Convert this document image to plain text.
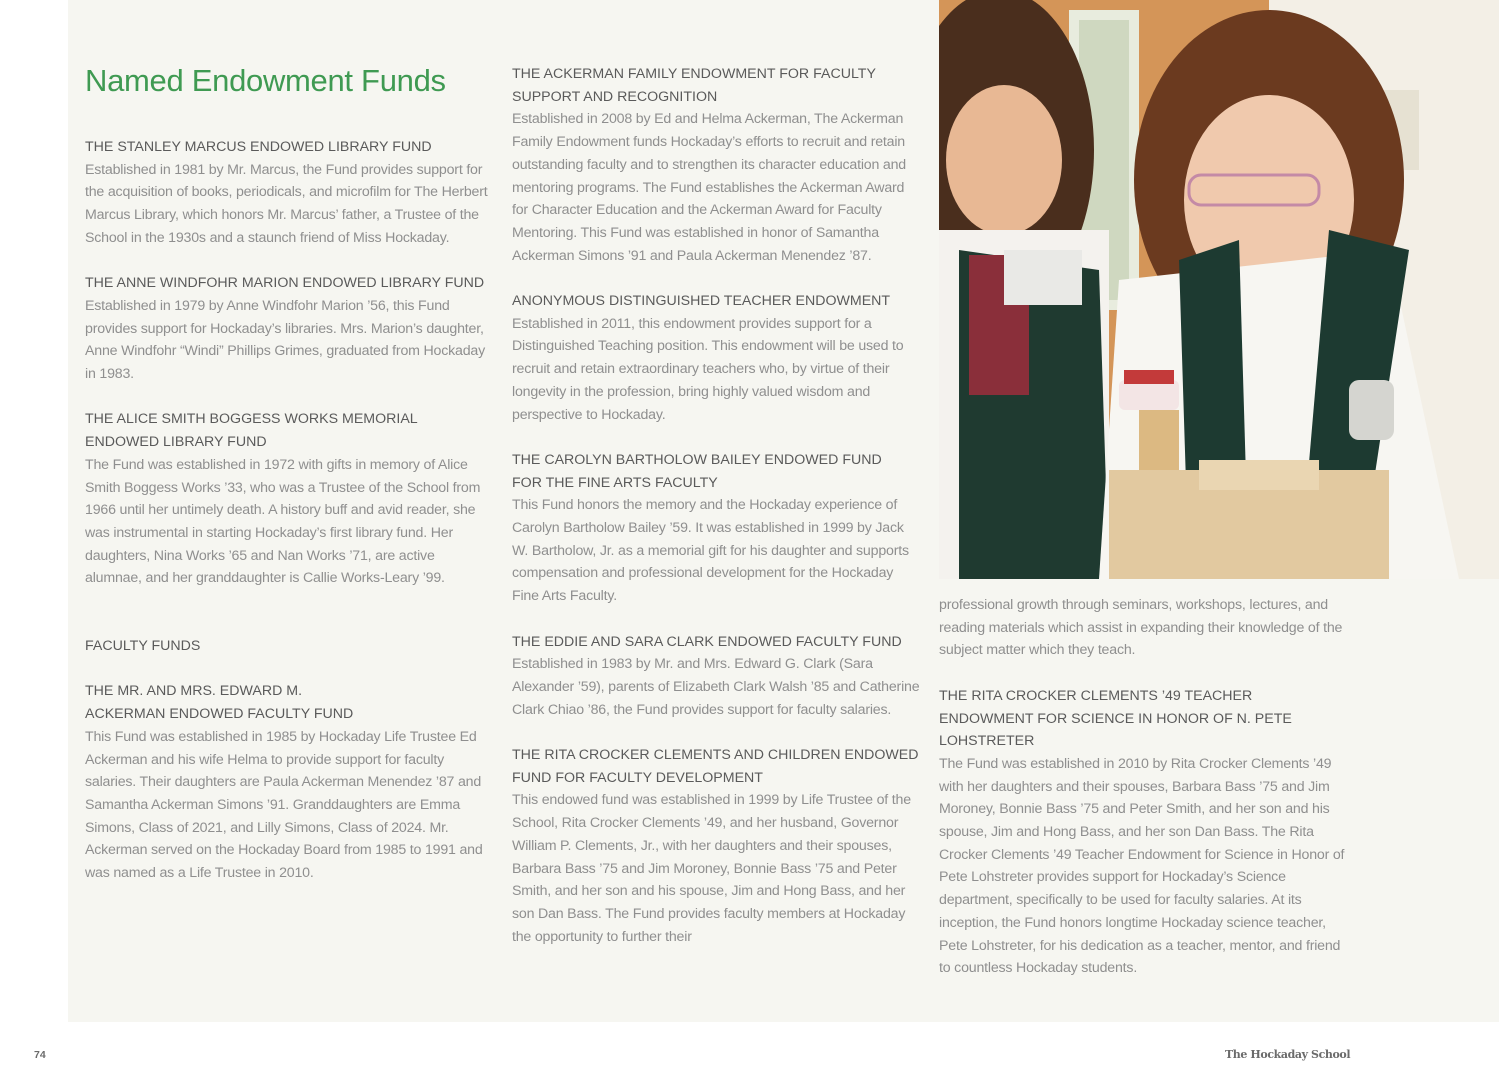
Named Endowment Funds
THE STANLEY MARCUS ENDOWED LIBRARY FUND
Established in 1981 by Mr. Marcus, the Fund provides support for the acquisition of books, periodicals, and microfilm for The Herbert Marcus Library, which honors Mr. Marcus’ father, a Trustee of the School in the 1930s and a staunch friend of Miss Hockaday.
THE ANNE WINDFOHR MARION ENDOWED LIBRARY FUND
Established in 1979 by Anne Windfohr Marion ’56, this Fund provides support for Hockaday’s libraries. Mrs. Marion’s daughter, Anne Windfohr “Windi” Phillips Grimes, graduated from Hockaday in 1983.
THE ALICE SMITH BOGGESS WORKS MEMORIAL ENDOWED LIBRARY FUND
The Fund was established in 1972 with gifts in memory of Alice Smith Boggess Works ’33, who was a Trustee of the School from 1966 until her untimely death. A history buff and avid reader, she was instrumental in starting Hockaday’s first library fund. Her daughters, Nina Works ’65 and Nan Works ’71, are active alumnae, and her granddaughter is Callie Works-Leary ’99.
FACULTY FUNDS
THE MR. AND MRS. EDWARD M. ACKERMAN ENDOWED FACULTY FUND
This Fund was established in 1985 by Hockaday Life Trustee Ed Ackerman and his wife Helma to provide support for faculty salaries. Their daughters are Paula Ackerman Menendez ’87 and Samantha Ackerman Simons ’91. Granddaughters are Emma Simons, Class of 2021, and Lilly Simons, Class of 2024. Mr. Ackerman served on the Hockaday Board from 1985 to 1991 and was named as a Life Trustee in 2010.
THE ACKERMAN FAMILY ENDOWMENT FOR FACULTY SUPPORT AND RECOGNITION
Established in 2008 by Ed and Helma Ackerman, The Ackerman Family Endowment funds Hockaday’s efforts to recruit and retain outstanding faculty and to strengthen its character education and mentoring programs. The Fund establishes the Ackerman Award for Character Education and the Ackerman Award for Faculty Mentoring. This Fund was established in honor of Samantha Ackerman Simons ’91 and Paula Ackerman Menendez ’87.
ANONYMOUS DISTINGUISHED TEACHER ENDOWMENT
Established in 2011, this endowment provides support for a Distinguished Teaching position. This endowment will be used to recruit and retain extraordinary teachers who, by virtue of their longevity in the profession, bring highly valued wisdom and perspective to Hockaday.
THE CAROLYN BARTHOLOW BAILEY ENDOWED FUND FOR THE FINE ARTS FACULTY
This Fund honors the memory and the Hockaday experience of Carolyn Bartholow Bailey ’59. It was established in 1999 by Jack W. Bartholow, Jr. as a memorial gift for his daughter and supports compensation and professional development for the Hockaday Fine Arts Faculty.
THE EDDIE AND SARA CLARK ENDOWED FACULTY FUND
Established in 1983 by Mr. and Mrs. Edward G. Clark (Sara Alexander ’59), parents of Elizabeth Clark Walsh ’85 and Catherine Clark Chiao ’86, the Fund provides support for faculty salaries.
THE RITA CROCKER CLEMENTS AND CHILDREN ENDOWED FUND FOR FACULTY DEVELOPMENT
This endowed fund was established in 1999 by Life Trustee of the School, Rita Crocker Clements ’49, and her husband, Governor William P. Clements, Jr., with her daughters and their spouses, Barbara Bass ’75 and Jim Moroney, Bonnie Bass ’75 and Peter Smith, and her son and his spouse, Jim and Hong Bass, and her son Dan Bass. The Fund provides faculty members at Hockaday the opportunity to further their
professional growth through seminars, workshops, lectures, and reading materials which assist in expanding their knowledge of the subject matter which they teach.
THE RITA CROCKER CLEMENTS ’49 TEACHER ENDOWMENT FOR SCIENCE IN HONOR OF N. PETE LOHSTRETER
The Fund was established in 2010 by Rita Crocker Clements ’49 with her daughters and their spouses, Barbara Bass ’75 and Jim Moroney, Bonnie Bass ’75 and Peter Smith, and her son and his spouse, Jim and Hong Bass, and her son Dan Bass. The Rita Crocker Clements ’49 Teacher Endowment for Science in Honor of Pete Lohstreter provides support for Hockaday’s Science department, specifically to be used for faculty salaries. At its inception, the Fund honors longtime Hockaday science teacher, Pete Lohstreter, for his dedication as a teacher, mentor, and friend to countless Hockaday students.
74	The Hockaday School
